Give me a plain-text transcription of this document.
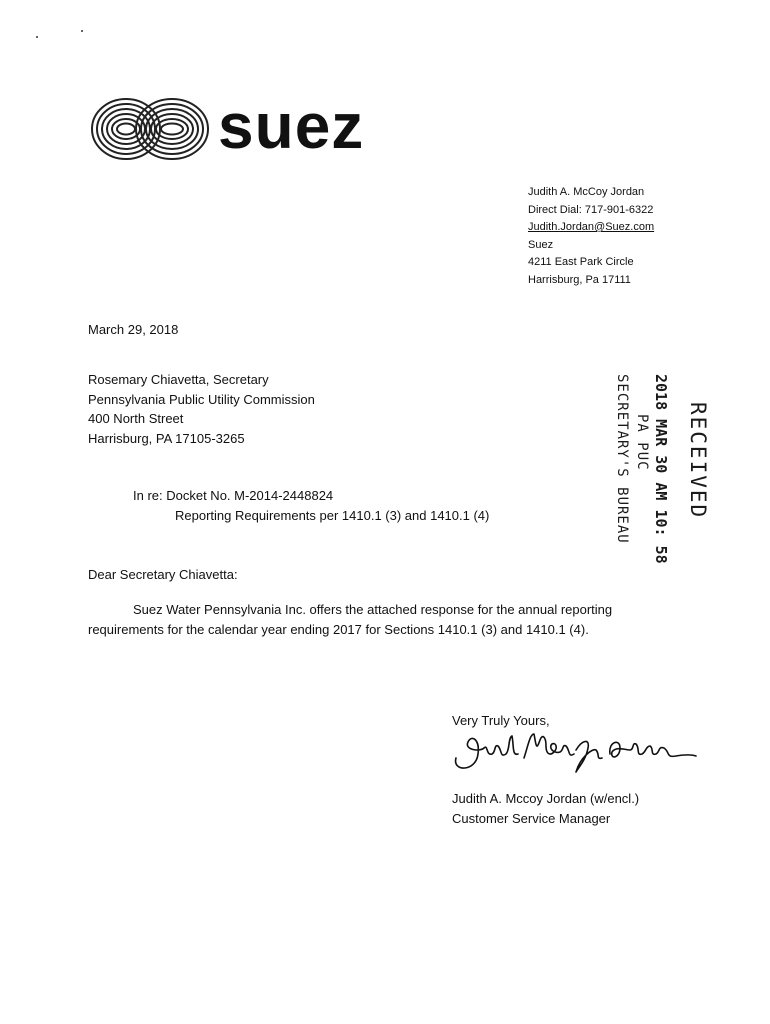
suez
Judith A. McCoy Jordan
Direct Dial: 717-901-6322
Judith.Jordan@Suez.com
Suez
4211 East Park Circle
Harrisburg, Pa 17111
March 29, 2018
Rosemary Chiavetta, Secretary
Pennsylvania Public Utility Commission
400 North Street
Harrisburg, PA 17105-3265	RECEIVED
2018 MAR 30 AM 10: 58
PA PUC
SECRETARY'S BUREAU
In re: Docket No. M-2014-2448824
Reporting Requirements per 1410.1 (3) and 1410.1 (4)
Dear Secretary Chiavetta:
Suez Water Pennsylvania Inc. offers the attached response for the annual reporting
requirements for the calendar year ending 2017 for Sections 1410.1 (3) and 1410.1 (4).
Very Truly Yours,
Judith A. Mccoy Jordan (w/encl.)
Customer Service Manager
